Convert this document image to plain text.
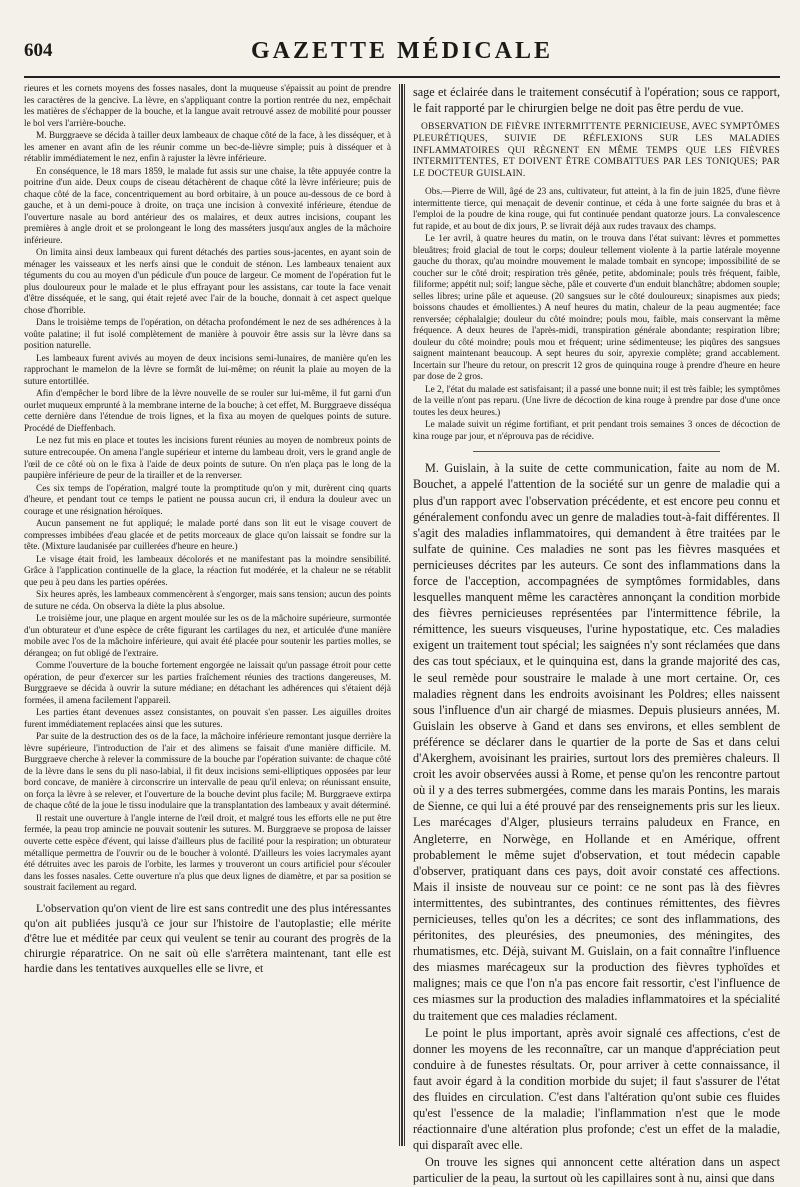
604	GAZETTE MÉDICALE

rieures et les cornets moyens des fosses nasales, dont la muqueuse s'épaissit au point de prendre les caractères de la gencive. La lèvre, en s'appliquant contre la portion rentrée du nez, empêchait les matières de s'échapper de la bouche, et la langue avait retrouvé assez de mobilité pour pousser le bol vers l'arrière-bouche.

M. Burggraeve se décida à tailler deux lambeaux de chaque côté de la face, à les disséquer, et à les amener en avant afin de les réunir comme un bec-de-lièvre simple; puis à disséquer et à rétablir immédiatement le nez, enfin à rajuster la lèvre inférieure.

En conséquence, le 18 mars 1859, le malade fut assis sur une chaise, la tête appuyée contre la poitrine d'un aide. Deux coups de ciseau détachèrent de chaque côté la lèvre inférieure; puis de chaque côté de la face, concentriquement au bord orbitaire, à un pouce au-dessous de ce bord à gauche, et à un demi-pouce à droite, on traça une incision à convexité inférieure, étendue de l'ouverture nasale au bord antérieur des os malaires, et deux autres incisions, coupant les premières à angle droit et se prolongeant le long des masséters jusqu'aux angles de la mâchoire inférieure.

On limita ainsi deux lambeaux qui furent détachés des parties sous-jacentes, en ayant soin de ménager les vaisseaux et les nerfs ainsi que le conduit de sténon. Les lambeaux tenaient aux téguments du cou au moyen d'un pédicule d'un pouce de largeur. Ce moment de l'opération fut le plus douloureux pour le malade et le plus effrayant pour les assistans, car toute la face venait d'être disséquée, et le sang, qui était rejeté avec l'air de la bouche, donnait à cet aspect quelque chose d'horrible.

Dans le troisième temps de l'opération, on détacha profondément le nez de ses adhérences à la voûte palatine; il fut isolé complètement de manière à pouvoir être assis sur la lèvre dans sa position naturelle.

Les lambeaux furent avivés au moyen de deux incisions semi-lunaires, de manière qu'en les rapprochant le mamelon de la lèvre se formât de lui-même; on réunit la plaie au moyen de la suture entortillée.

Afin d'empêcher le bord libre de la lèvre nouvelle de se rouler sur lui-même, il fut garni d'un ourlet muqueux emprunté à la membrane interne de la bouche; à cet effet, M. Burggraeve disséqua cette dernière dans l'étendue de trois lignes, et la fixa au moyen de quelques points de suture. Procédé de Dieffenbach.

Le nez fut mis en place et toutes les incisions furent réunies au moyen de nombreux points de suture entrecoupée. On amena l'angle supérieur et interne du lambeau droit, vers le grand angle de l'œil de ce côté où on le fixa à l'aide de deux points de suture. On n'en plaça pas le long de la paupière inférieure de peur de la tirailler et de la renverser.

Ces six temps de l'opération, malgré toute la promptitude qu'on y mit, durèrent cinq quarts d'heure, et pendant tout ce temps le patient ne poussa aucun cri, il endura la douleur avec un courage et une résignation héroïques.

Aucun pansement ne fut appliqué; le malade porté dans son lit eut le visage couvert de compresses imbibées d'eau glacée et de petits morceaux de glace qu'on laissait se fondre sur la tête. (Mixture laudanisée par cuillerées d'heure en heure.)

Le visage était froid, les lambeaux décolorés et ne manifestant pas la moindre sensibilité. Grâce à l'application continuelle de la glace, la réaction fut modérée, et la chaleur ne se rétablit que peu à peu dans les parties opérées.

Six heures après, les lambeaux commencèrent à s'engorger, mais sans tension; aucun des points de suture ne céda. On observa la diète la plus absolue.

Le troisième jour, une plaque en argent moulée sur les os de la mâchoire supérieure, surmontée d'un obturateur et d'une espèce de crête figurant les cartilages du nez, et articulée d'une manière mobile avec l'os de la mâchoire inférieure, qui avait été placée pour soutenir les parties molles, se dérangea; on fut obligé de l'extraire.

Comme l'ouverture de la bouche fortement engorgée ne laissait qu'un passage étroit pour cette opération, de peur d'exercer sur les parties fraîchement réunies des tractions dangereuses, M. Burggraeve se décida à ouvrir la suture médiane; en détachant les adhérences qui s'étaient déjà formées, il amena facilement l'appareil.

Les parties étant devenues assez consistantes, on pouvait s'en passer. Les aiguilles droites furent immédiatement replacées ainsi que les sutures.

Par suite de la destruction des os de la face, la mâchoire inférieure remontant jusque derrière la lèvre supérieure, l'introduction de l'air et des alimens se faisait d'une manière difficile. M. Burggraeve cherche à relever la commissure de la bouche par l'opération suivante: de chaque côté de la lèvre dans le sens du pli naso-labial, il fit deux incisions semi-elliptiques opposées par leur bord concave, de manière à circonscrire un intervalle de peau qu'il enleva; on réunissant ensuite, on força la lèvre à se relever, et l'ouverture de la bouche devint plus facile; M. Burggraeve extirpa de chaque côté de la joue le tissu inodulaire que la transplantation des lambeaux y avait déterminé.

Il restait une ouverture à l'angle interne de l'œil droit, et malgré tous les efforts elle ne put être fermée, la peau trop amincie ne pouvait soutenir les sutures. M. Burggraeve se proposa de laisser ouverte cette espèce d'évent, qui laisse d'ailleurs plus de facilité pour la respiration; un obturateur métallique permettra de l'ouvrir ou de le boucher à volonté. D'ailleurs les voies lacrymales ayant été détruites avec les parois de l'orbite, les larmes y trouveront un cours artificiel pour s'écouler dans les fosses nasales. Cette ouverture n'a plus que deux lignes de diamètre, et par sa position se soustrait facilement au regard.

L'observation qu'on vient de lire est sans contredit une des plus intéressantes qu'on ait publiées jusqu'à ce jour sur l'histoire de l'autoplastie; elle mérite d'être lue et méditée par ceux qui veulent se tenir au courant des progrès de la chirurgie réparatrice. On ne sait où elle s'arrêtera maintenant, tant elle est hardie dans les tentatives auxquelles elle se livre, et

sage et éclairée dans le traitement consécutif à l'opération; sous ce rapport, le fait rapporté par le chirurgien belge ne doit pas être perdu de vue.

OBSERVATION DE FIÈVRE INTERMITTENTE PERNICIEUSE, AVEC SYMPTÔMES PLEURÉTIQUES, SUIVIE DE RÉFLEXIONS SUR LES MALADIES INFLAMMATOIRES QUI RÈGNENT EN MÊME TEMPS QUE LES FIÈVRES INTERMITTENTES, ET DOIVENT ÊTRE COMBATTUES PAR LES TONIQUES; PAR LE DOCTEUR GUISLAIN.

Obs.—Pierre de Will, âgé de 23 ans, cultivateur, fut atteint, à la fin de juin 1825, d'une fièvre intermittente tierce, qui menaçait de devenir continue, et céda à une forte saignée du bras et à l'emploi de la poudre de kina rouge, qui fut continuée pendant quatorze jours. La convalescence fut rapide, et au bout de dix jours, P. se livrait déjà aux rudes travaux des champs.

Le 1er avril, à quatre heures du matin, on le trouva dans l'état suivant: lèvres et pommettes bleuâtres; froid glacial de tout le corps; douleur tellement violente à la partie latérale moyenne gauche du thorax, qu'au moindre mouvement le malade tombait en syncope; impossibilité de se coucher sur le côté droit; respiration très gênée, petite, abdominale; pouls très fréquent, faible, filiforme; appétit nul; soif; langue sèche, pâle et couverte d'un enduit blanchâtre; abdomen souple; selles libres; urine pâle et aqueuse. (20 sangsues sur le côté douloureux; sinapismes aux pieds; boissons chaudes et émollientes.) A neuf heures du matin, chaleur de la peau augmentée; face renversée; céphalalgie; douleur du côté moindre; pouls mou, faible, mais conservant la même fréquence. A deux heures de l'après-midi, transpiration générale abondante; respiration libre; douleur du côté moindre; pouls mou et fréquent; urine sédimenteuse; les piqûres des sangsues saignent maintenant beaucoup. A sept heures du soir, apyrexie complète; grand accablement. Incertain sur l'heure du retour, on prescrit 12 gros de quinquina rouge à prendre d'heure en heure par dose de 2 gros.

Le 2, l'état du malade est satisfaisant; il a passé une bonne nuit; il est très faible; les symptômes de la veille n'ont pas reparu. (Une livre de décoction de kina rouge à prendre par dose d'une once toutes les deux heures.)

Le malade suivit un régime fortifiant, et prit pendant trois semaines 3 onces de décoction de kina rouge par jour, et n'éprouva pas de récidive.

M. Guislain, à la suite de cette communication, faite au nom de M. Bouchet, a appelé l'attention de la société sur un genre de maladie qui a plus d'un rapport avec l'observation précédente, et est encore peu connu et généralement confondu avec un genre de maladies tout-à-fait différentes. Il s'agit des maladies inflammatoires, qui demandent à être traitées par le sulfate de quinine. Ces maladies ne sont pas les fièvres masquées et pernicieuses décrites par les auteurs. Ce sont des inflammations dans la force de l'acception, accompagnées de symptômes formidables, dans lesquelles manquent même les caractères annonçant la condition morbide des fièvres pernicieuses représentées par l'intermittence fébrile, la rémittence, les sueurs visqueuses, l'urine hypostatique, etc. Ces maladies exigent un traitement tout spécial; les saignées n'y sont réclamées que dans des cas tout spéciaux, et le quinquina est, dans la grande majorité des cas, le seul remède pour soustraire le malade à une mort certaine. Or, ces maladies règnent dans les endroits avoisinant les Poldres; elles naissent sous l'influence d'un air chargé de miasmes. Depuis plusieurs années, M. Guislain les observe à Gand et dans ses environs, et elles semblent de préférence se déclarer dans le quartier de la porte de Sas et dans celui d'Akerghem, avoisinant les prairies, surtout lors des premières chaleurs. Il croit les avoir observées aussi à Rome, et pense qu'on les rencontre partout où il y a des terres submergées, comme dans les marais Pontins, les marais de Sienne, ce qui lui a été prouvé par des renseignements pris sur les lieux. Les marécages d'Alger, plusieurs terrains paludeux en France, en Angleterre, en Norwège, en Hollande et en Amérique, offrent probablement le même sujet d'observation, et tout médecin capable d'observer, pratiquant dans ces pays, doit avoir constaté ces affections. Mais il insiste de nouveau sur ce point: ce ne sont pas là des fièvres intermittentes, des subintrantes, des continues rémittentes, des fièvres pernicieuses, telles qu'on les a décrites; ce sont des inflammations, des péritonites, des pleurésies, des pneumonies, des méningites, des rhumatismes, etc. Déjà, suivant M. Guislain, on a fait connaître l'influence des miasmes marécageux sur la production des fièvres typhoïdes et malignes; mais ce que l'on n'a pas encore fait ressortir, c'est l'influence de ces miasmes sur la production des maladies inflammatoires et la spécialité du traitement que ces maladies réclament.

Le point le plus important, après avoir signalé ces affections, c'est de donner les moyens de les reconnaître, car un manque d'appréciation peut conduire à de funestes résultats. Or, pour arriver à cette connaissance, il faut avoir égard à la condition morbide du sujet; il faut s'assurer de l'état des fluides en circulation. C'est dans l'altération qu'ont subie ces fluides qu'est l'essence de la maladie; l'inflammation n'est que le mode réactionnaire d'une altération plus profonde; c'est un effet de la maladie, qui disparaît avec elle.

On trouve les signes qui annoncent cette altération dans un aspect particulier de la peau, la surtout où les capillaires sont à nu, ainsi que dans
